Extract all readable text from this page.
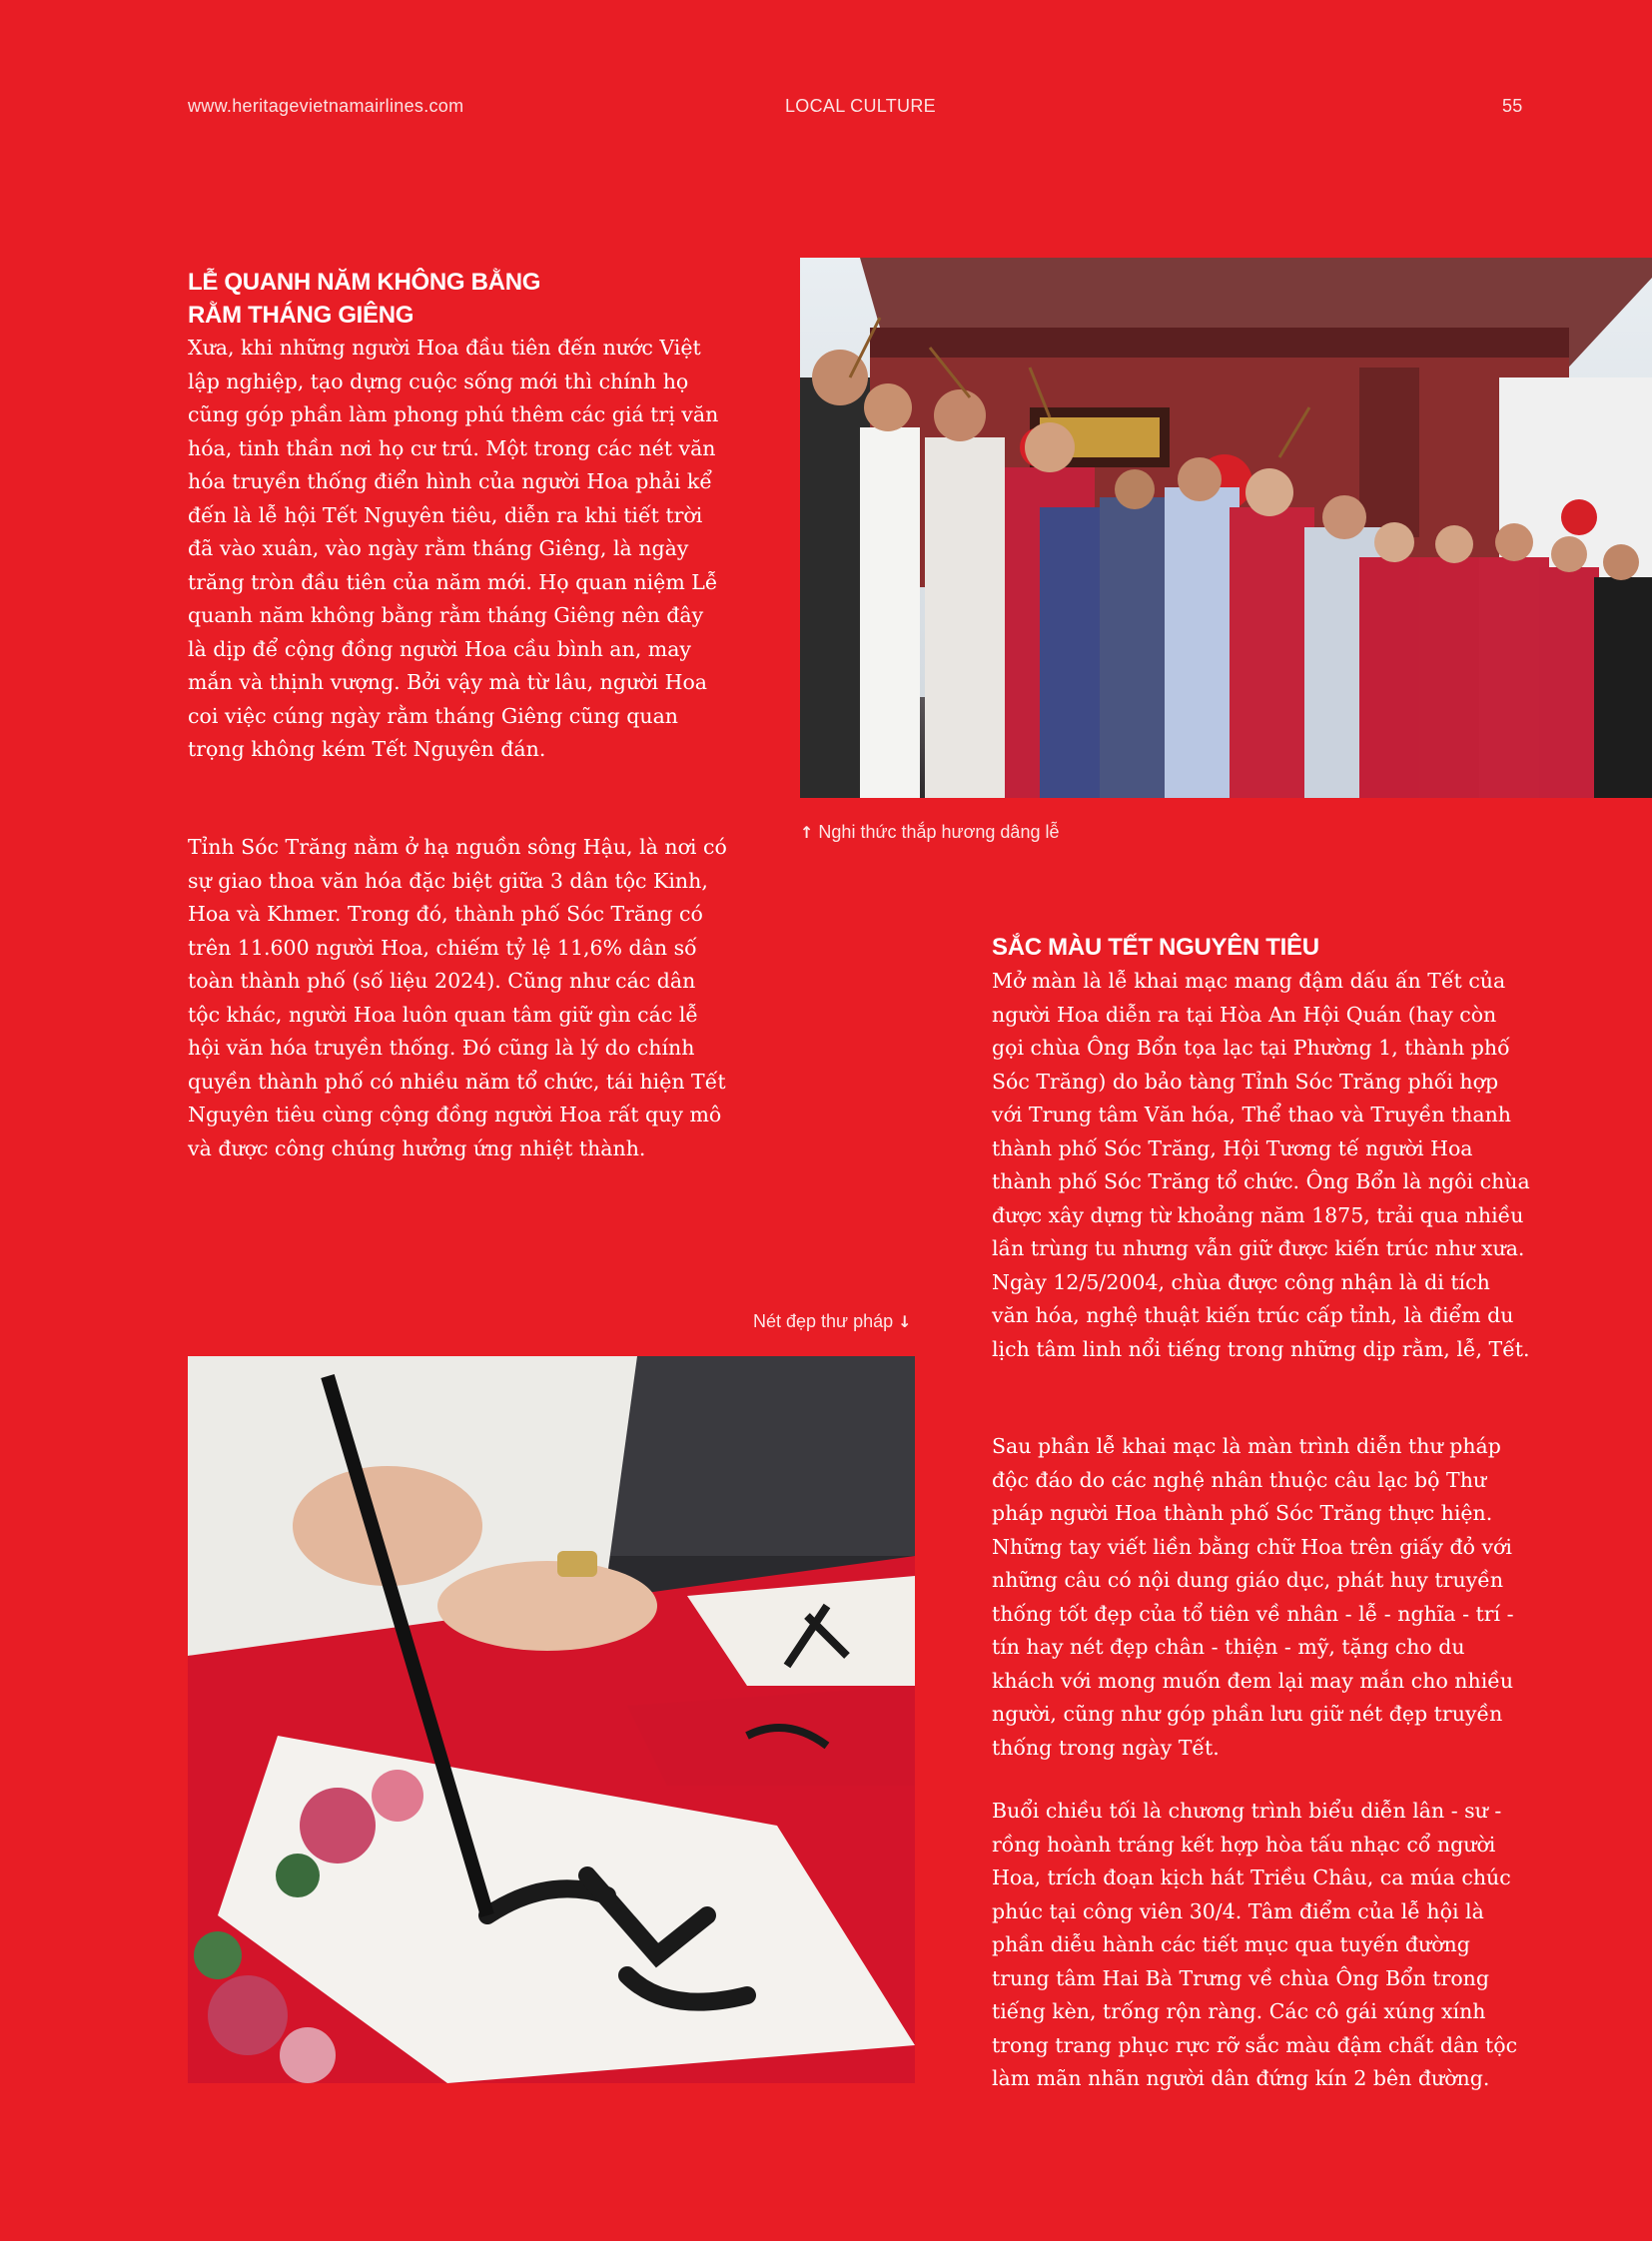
www.heritagevietnamairlines.com	LOCAL CULTURE	55
LỄ QUANH NĂM KHÔNG BẰNG
RẰM THÁNG GIÊNG

Xưa, khi những người Hoa đầu tiên đến nước Việt lập nghiệp, tạo dựng cuộc sống mới thì chính họ cũng góp phần làm phong phú thêm các giá trị văn hóa, tinh thần nơi họ cư trú. Một trong các nét văn hóa truyền thống điển hình của người Hoa phải kể đến là lễ hội Tết Nguyên tiêu, diễn ra khi tiết trời đã vào xuân, vào ngày rằm tháng Giêng, là ngày trăng tròn đầu tiên của năm mới. Họ quan niệm Lễ quanh năm không bằng rằm tháng Giêng nên đây là dịp để cộng đồng người Hoa cầu bình an, may mắn và thịnh vượng. Bởi vậy mà từ lâu, người Hoa coi việc cúng ngày rằm tháng Giêng cũng quan trọng không kém Tết Nguyên đán.

Tỉnh Sóc Trăng nằm ở hạ nguồn sông Hậu, là nơi có sự giao thoa văn hóa đặc biệt giữa 3 dân tộc Kinh, Hoa và Khmer. Trong đó, thành phố Sóc Trăng có trên 11.600 người Hoa, chiếm tỷ lệ 11,6% dân số toàn thành phố (số liệu 2024). Cũng như các dân tộc khác, người Hoa luôn quan tâm giữ gìn các lễ hội văn hóa truyền thống. Đó cũng là lý do chính quyền thành phố có nhiều năm tổ chức, tái hiện Tết Nguyên tiêu cùng cộng đồng người Hoa rất quy mô và được công chúng hưởng ứng nhiệt thành.

↑ Nghi thức thắp hương dâng lễ
Nét đẹp thư pháp ↓
SẮC MÀU TẾT NGUYÊN TIÊU

Mở màn là lễ khai mạc mang đậm dấu ấn Tết của người Hoa diễn ra tại Hòa An Hội Quán (hay còn gọi chùa Ông Bổn tọa lạc tại Phường 1, thành phố Sóc Trăng) do bảo tàng Tỉnh Sóc Trăng phối hợp với Trung tâm Văn hóa, Thể thao và Truyền thanh thành phố Sóc Trăng, Hội Tương tế người Hoa thành phố Sóc Trăng tổ chức. Ông Bổn là ngôi chùa được xây dựng từ khoảng năm 1875, trải qua nhiều lần trùng tu nhưng vẫn giữ được kiến trúc như xưa. Ngày 12/5/2004, chùa được công nhận là di tích văn hóa, nghệ thuật kiến trúc cấp tỉnh, là điểm du lịch tâm linh nổi tiếng trong những dịp rằm, lễ, Tết.

Sau phần lễ khai mạc là màn trình diễn thư pháp độc đáo do các nghệ nhân thuộc câu lạc bộ Thư pháp người Hoa thành phố Sóc Trăng thực hiện. Những tay viết liền bằng chữ Hoa trên giấy đỏ với những câu có nội dung giáo dục, phát huy truyền thống tốt đẹp của tổ tiên về nhân - lễ - nghĩa - trí - tín hay nét đẹp chân - thiện - mỹ, tặng cho du khách với mong muốn đem lại may mắn cho nhiều người, cũng như góp phần lưu giữ nét đẹp truyền thống trong ngày Tết.

Buổi chiều tối là chương trình biểu diễn lân - sư - rồng hoành tráng kết hợp hòa tấu nhạc cổ người Hoa, trích đoạn kịch hát Triều Châu, ca múa chúc phúc tại công viên 30/4. Tâm điểm của lễ hội là phần diễu hành các tiết mục qua tuyến đường trung tâm Hai Bà Trưng về chùa Ông Bổn trong tiếng kèn, trống rộn ràng. Các cô gái xúng xính trong trang phục rực rỡ sắc màu đậm chất dân tộc làm mãn nhãn người dân đứng kín 2 bên đường.
